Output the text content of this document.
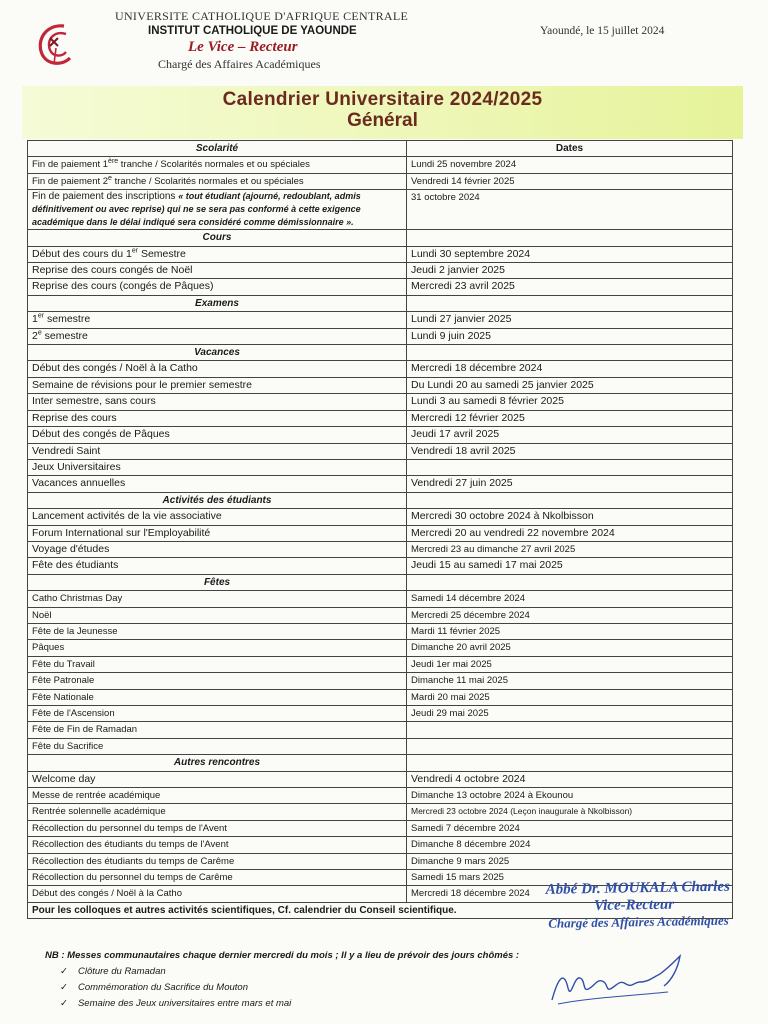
UNIVERSITE CATHOLIQUE D'AFRIQUE CENTRALE
INSTITUT CATHOLIQUE DE YAOUNDE
Le Vice – Recteur
Chargé des Affaires Académiques
Yaoundé, le 15 juillet 2024
Calendrier Universitaire 2024/2025
Général
Scolarité	Dates
Fin de paiement 1ère tranche / Scolarités normales et ou spéciales	Lundi 25 novembre 2024
Fin de paiement 2e tranche / Scolarités normales et ou spéciales	Vendredi 14 février 2025
Fin de paiement des inscriptions « tout étudiant (ajourné, redoublant, admis définitivement ou avec reprise) qui ne se sera pas conformé à cette exigence académique dans le délai indiqué sera considéré comme démissionnaire ».	31 octobre 2024
Cours	
Début des cours du 1er Semestre	Lundi 30 septembre 2024
Reprise des cours congés de Noël	Jeudi 2 janvier 2025
Reprise des cours (congés de Pâques)	Mercredi 23 avril 2025
Examens	
1er semestre	Lundi 27 janvier 2025
2e semestre	Lundi 9 juin 2025
Vacances	
Début des congés / Noël à la Catho	Mercredi 18 décembre 2024
Semaine de révisions pour le premier semestre	Du Lundi 20 au samedi 25 janvier 2025
Inter semestre, sans cours	Lundi 3 au samedi 8 février 2025
Reprise des cours	Mercredi 12 février 2025
Début des congés de Pâques	Jeudi 17 avril 2025
Vendredi Saint	Vendredi 18 avril 2025
Jeux Universitaires	
Vacances annuelles	Vendredi 27 juin 2025
Activités des étudiants	
Lancement activités de la vie associative	Mercredi 30 octobre 2024 à Nkolbisson
Forum International sur l'Employabilité	Mercredi 20 au vendredi 22 novembre 2024
Voyage d'études	Mercredi 23 au dimanche 27 avril 2025
Fête des étudiants	Jeudi 15 au samedi 17 mai 2025
Fêtes	
Catho Christmas Day	Samedi 14 décembre 2024
Noël	Mercredi 25 décembre 2024
Fête de la Jeunesse	Mardi 11 février 2025
Pâques	Dimanche 20 avril 2025
Fête du Travail	Jeudi 1er mai 2025
Fête Patronale	Dimanche 11 mai 2025
Fête Nationale	Mardi 20 mai 2025
Fête de l'Ascension	Jeudi 29 mai 2025
Fête de Fin de Ramadan	
Fête du Sacrifice	
Autres rencontres	
Welcome day	Vendredi 4 octobre 2024
Messe de rentrée académique	Dimanche 13 octobre 2024 à Ekounou
Rentrée solennelle académique	Mercredi 23 octobre 2024 (Leçon inaugurale à Nkolbisson)
Récollection du personnel du temps de l'Avent	Samedi 7 décembre 2024
Récollection des étudiants du temps de l'Avent	Dimanche 8 décembre 2024
Récollection des étudiants du temps de Carême	Dimanche 9 mars 2025
Récollection du personnel du temps de Carême	Samedi 15 mars 2025
Début des congés / Noël à la Catho	Mercredi 18 décembre 2024
Pour les colloques et autres activités scientifiques, Cf. calendrier du Conseil scientifique.	
NB : Messes communautaires chaque dernier mercredi du mois ; Il y a lieu de prévoir des jours chômés :
✓ Clôture du Ramadan
✓ Commémoration du Sacrifice du Mouton
✓ Semaine des Jeux universitaires entre mars et mai
Abbé Dr. MOUKALA Charles
Vice-Recteur
Chargé des Affaires Académiques
